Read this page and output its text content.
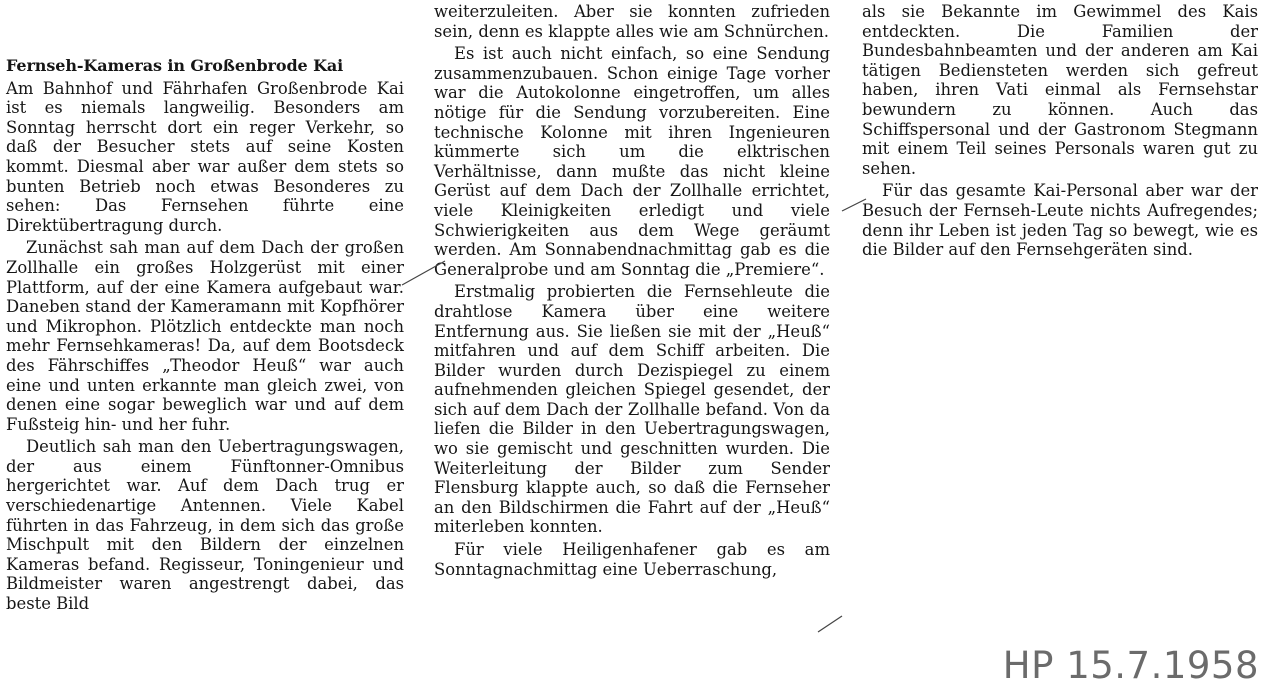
Fernseh-Kameras in Großenbrode Kai

Am Bahnhof und Fährhafen Großenbrode Kai ist es niemals langweilig. Besonders am Sonntag herrscht dort ein reger Verkehr, so daß der Besucher stets auf seine Kosten kommt. Diesmal aber war außer dem stets so bunten Betrieb noch etwas Besonderes zu sehen: Das Fernsehen führte eine Direktübertragung durch.

Zunächst sah man auf dem Dach der großen Zollhalle ein großes Holzgerüst mit einer Plattform, auf der eine Kamera aufgebaut war. Daneben stand der Kameramann mit Kopfhörer und Mikrophon. Plötzlich entdeckte man noch mehr Fernsehkameras! Da, auf dem Bootsdeck des Fährschiffes „Theodor Heuß“ war auch eine und unten erkannte man gleich zwei, von denen eine sogar beweglich war und auf dem Fußsteig hin- und her fuhr.

Deutlich sah man den Uebertragungswagen, der aus einem Fünftonner-Omnibus hergerichtet war. Auf dem Dach trug er verschiedenartige Antennen. Viele Kabel führten in das Fahrzeug, in dem sich das große Mischpult mit den Bildern der einzelnen Kameras befand. Regisseur, Toningenieur und Bildmeister waren angestrengt dabei, das beste Bild

weiterzuleiten. Aber sie konnten zufrieden sein, denn es klappte alles wie am Schnürchen.

Es ist auch nicht einfach, so eine Sendung zusammenzubauen. Schon einige Tage vorher war die Autokolonne eingetroffen, um alles nötige für die Sendung vorzubereiten. Eine technische Kolonne mit ihren Ingenieuren kümmerte sich um die elktrischen Verhältnisse, dann mußte das nicht kleine Gerüst auf dem Dach der Zollhalle errichtet, viele Kleinigkeiten erledigt und viele Schwierigkeiten aus dem Wege geräumt werden. Am Sonnabendnachmittag gab es die Generalprobe und am Sonntag die „Premiere“.

Erstmalig probierten die Fernsehleute die drahtlose Kamera über eine weitere Entfernung aus. Sie ließen sie mit der „Heuß“ mitfahren und auf dem Schiff arbeiten. Die Bilder wurden durch Dezispiegel zu einem aufnehmenden gleichen Spiegel gesendet, der sich auf dem Dach der Zollhalle befand. Von da liefen die Bilder in den Uebertragungswagen, wo sie gemischt und geschnitten wurden. Die Weiterleitung der Bilder zum Sender Flensburg klappte auch, so daß die Fernseher an den Bildschirmen die Fahrt auf der „Heuß“ miterleben konnten.

Für viele Heiligenhafener gab es am Sonntagnachmittag eine Ueberraschung,

als sie Bekannte im Gewimmel des Kais entdeckten. Die Familien der Bundesbahnbeamten und der anderen am Kai tätigen Bediensteten werden sich gefreut haben, ihren Vati einmal als Fernsehstar bewundern zu können. Auch das Schiffspersonal und der Gastronom Stegmann mit einem Teil seines Personals waren gut zu sehen.

Für das gesamte Kai-Personal aber war der Besuch der Fernseh-Leute nichts Aufregendes; denn ihr Leben ist jeden Tag so bewegt, wie es die Bilder auf den Fernsehgeräten sind.

HP 15.7.1958
